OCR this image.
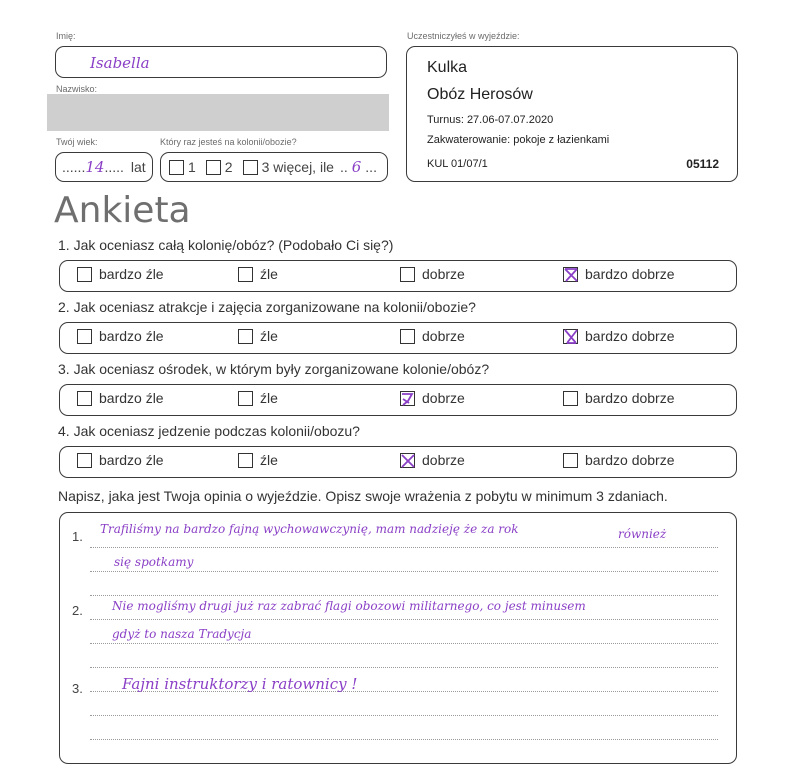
Imię:
Isabella
Nazwisko:
Twój wiek:
...... 14 ..... lat
Który raz jesteś na kolonii/obozie?
1 2 3 więcej, ile .. 6 ...
Uczestniczyłeś w wyjeździe:
Kulka
Obóz Herosów
Turnus: 27.06-07.07.2020
Zakwaterowanie: pokoje z łazienkami
KUL 01/07/1	05112
Ankieta
1. Jak oceniasz całą kolonię/obóz? (Podobało Ci się?)
bardzo źle	źle	dobrze	bardzo dobrze
2. Jak oceniasz atrakcje i zajęcia zorganizowane na kolonii/obozie?
bardzo źle	źle	dobrze	bardzo dobrze
3. Jak oceniasz ośrodek, w którym były zorganizowane kolonie/obóz?
bardzo źle	źle	dobrze	bardzo dobrze
4. Jak oceniasz jedzenie podczas kolonii/obozu?
bardzo źle	źle	dobrze	bardzo dobrze
Napisz, jaka jest Twoja opinia o wyjeździe. Opisz swoje wrażenia z pobytu w minimum 3 zdaniach.
1. Trafiliśmy na bardzo fajną wychowawczynię, mam nadzieję że za rok	również
się spotkamy
2. Nie mogliśmy drugi już raz zabrać flagi obozowi militarnego, co jest minusem
gdyż to nasza Tradycja
3.	Fajni instruktorzy i ratownicy !
